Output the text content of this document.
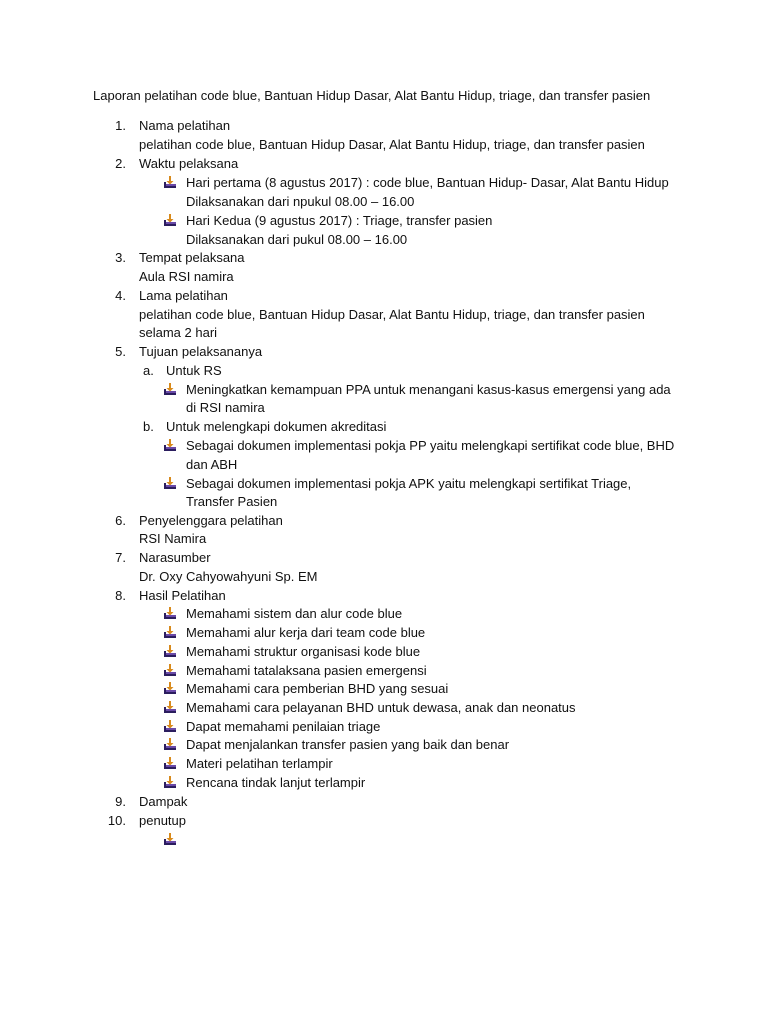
Laporan pelatihan code blue, Bantuan Hidup Dasar, Alat Bantu Hidup, triage, dan transfer pasien
1. Nama pelatihan
pelatihan code blue, Bantuan Hidup Dasar, Alat Bantu Hidup, triage, dan transfer pasien
2. Waktu pelaksana
Hari pertama (8 agustus 2017) : code blue, Bantuan Hidup- Dasar, Alat Bantu Hidup
Dilaksanakan dari npukul 08.00 – 16.00
Hari Kedua (9 agustus 2017) : Triage, transfer pasien
Dilaksanakan dari pukul 08.00 – 16.00
3. Tempat pelaksana
Aula RSI namira
4. Lama pelatihan
pelatihan code blue, Bantuan Hidup Dasar, Alat Bantu Hidup, triage, dan transfer pasien
selama 2 hari
5. Tujuan pelaksananya
a. Untuk RS
Meningkatkan kemampuan PPA untuk menangani kasus-kasus emergensi yang ada
di RSI namira
b. Untuk melengkapi dokumen akreditasi
Sebagai dokumen implementasi pokja PP yaitu melengkapi sertifikat code blue, BHD
dan ABH
Sebagai dokumen implementasi pokja APK yaitu melengkapi sertifikat Triage,
Transfer Pasien
6. Penyelenggara pelatihan
RSI Namira
7. Narasumber
Dr. Oxy Cahyowahyuni Sp. EM
8. Hasil Pelatihan
Memahami sistem dan alur code blue
Memahami alur kerja dari team code blue
Memahami struktur organisasi kode blue
Memahami tatalaksana pasien emergensi
Memahami cara pemberian BHD yang sesuai
Memahami cara pelayanan BHD untuk dewasa, anak dan neonatus
Dapat memahami penilaian triage
Dapat menjalankan transfer pasien yang baik dan benar
Materi pelatihan terlampir
Rencana tindak lanjut terlampir
9. Dampak
10. penutup
